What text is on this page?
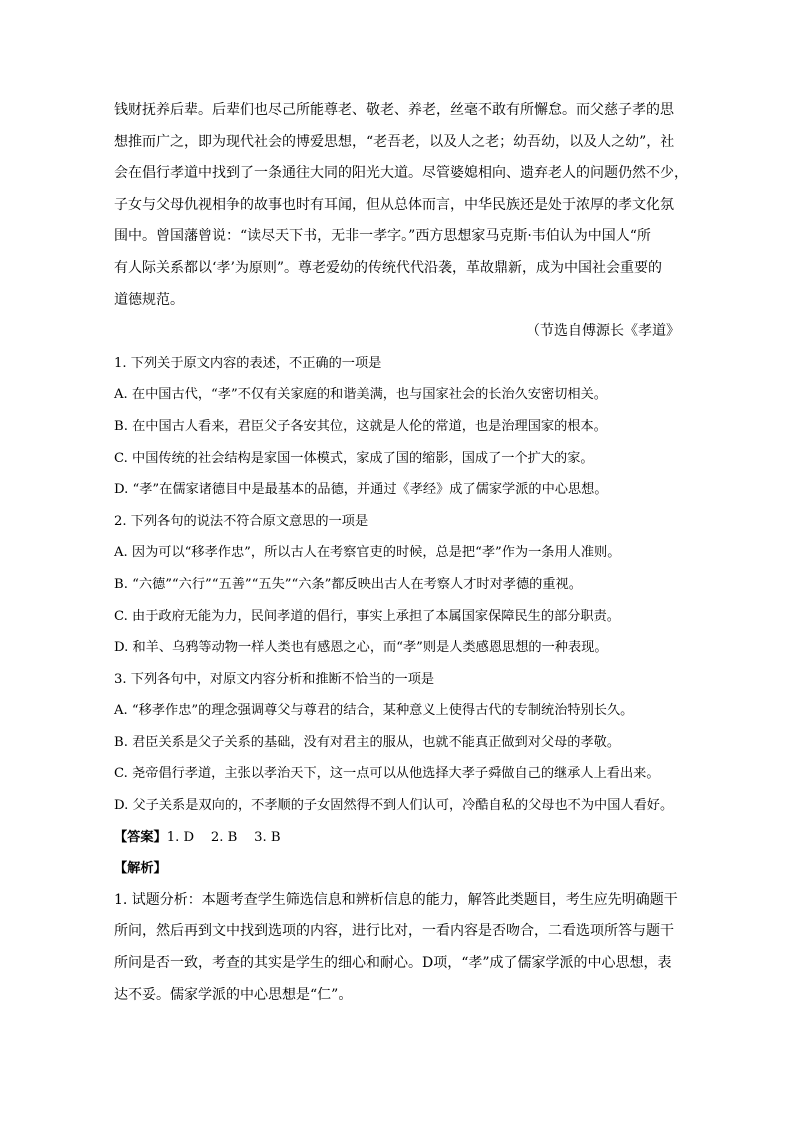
钱财抚养后辈。后辈们也尽己所能尊老、敬老、养老，丝毫不敢有所懈怠。而父慈子孝的思
想推而广之，即为现代社会的博爱思想，“老吾老，以及人之老；幼吾幼，以及人之幼”，社
会在倡行孝道中找到了一条通往大同的阳光大道。尽管婆媳相向、遗弃老人的问题仍然不少，
子女与父母仇视相争的故事也时有耳闻，但从总体而言，中华民族还是处于浓厚的孝文化氛
围中。曾国藩曾说：“读尽天下书，无非一孝字。”西方思想家马克斯·韦伯认为中国人“所
有人际关系都以‘孝’为原则”。尊老爱幼的传统代代沿袭，革故鼎新，成为中国社会重要的
道德规范。

（节选自傅源长《孝道》

1. 下列关于原文内容的表述，不正确的一项是

A. 在中国古代，“孝”不仅有关家庭的和谐美满，也与国家社会的长治久安密切相关。

B. 在中国古人看来，君臣父子各安其位，这就是人伦的常道，也是治理国家的根本。

C. 中国传统的社会结构是家国一体模式，家成了国的缩影，国成了一个扩大的家。

D. “孝”在儒家诸德目中是最基本的品德，并通过《孝经》成了儒家学派的中心思想。

2. 下列各句的说法不符合原文意思的一项是

A. 因为可以“移孝作忠”，所以古人在考察官吏的时候，总是把“孝”作为一条用人准则。

B. “六德”“六行”“五善”“五失”“六条”都反映出古人在考察人才时对孝德的重视。

C. 由于政府无能为力，民间孝道的倡行，事实上承担了本属国家保障民生的部分职责。

D. 和羊、乌鸦等动物一样人类也有感恩之心，而“孝”则是人类感恩思想的一种表现。

3. 下列各句中，对原文内容分析和推断不恰当的一项是

A. “移孝作忠”的理念强调尊父与尊君的结合，某种意义上使得古代的专制统治特别长久。

B. 君臣关系是父子关系的基础，没有对君主的服从，也就不能真正做到对父母的孝敬。

C. 尧帝倡行孝道，主张以孝治天下，这一点可以从他选择大孝子舜做自己的继承人上看出来。

D. 父子关系是双向的，不孝顺的子女固然得不到人们认可，冷酷自私的父母也不为中国人看好。

【答案】1. D    2. B    3. B

【解析】

1. 试题分析：本题考查学生筛选信息和辨析信息的能力，解答此类题目，考生应先明确题干
所问，然后再到文中找到选项的内容，进行比对，一看内容是否吻合，二看选项所答与题干
所问是否一致，考查的其实是学生的细心和耐心。D项，“孝”成了儒家学派的中心思想，表
达不妥。儒家学派的中心思想是“仁”。
